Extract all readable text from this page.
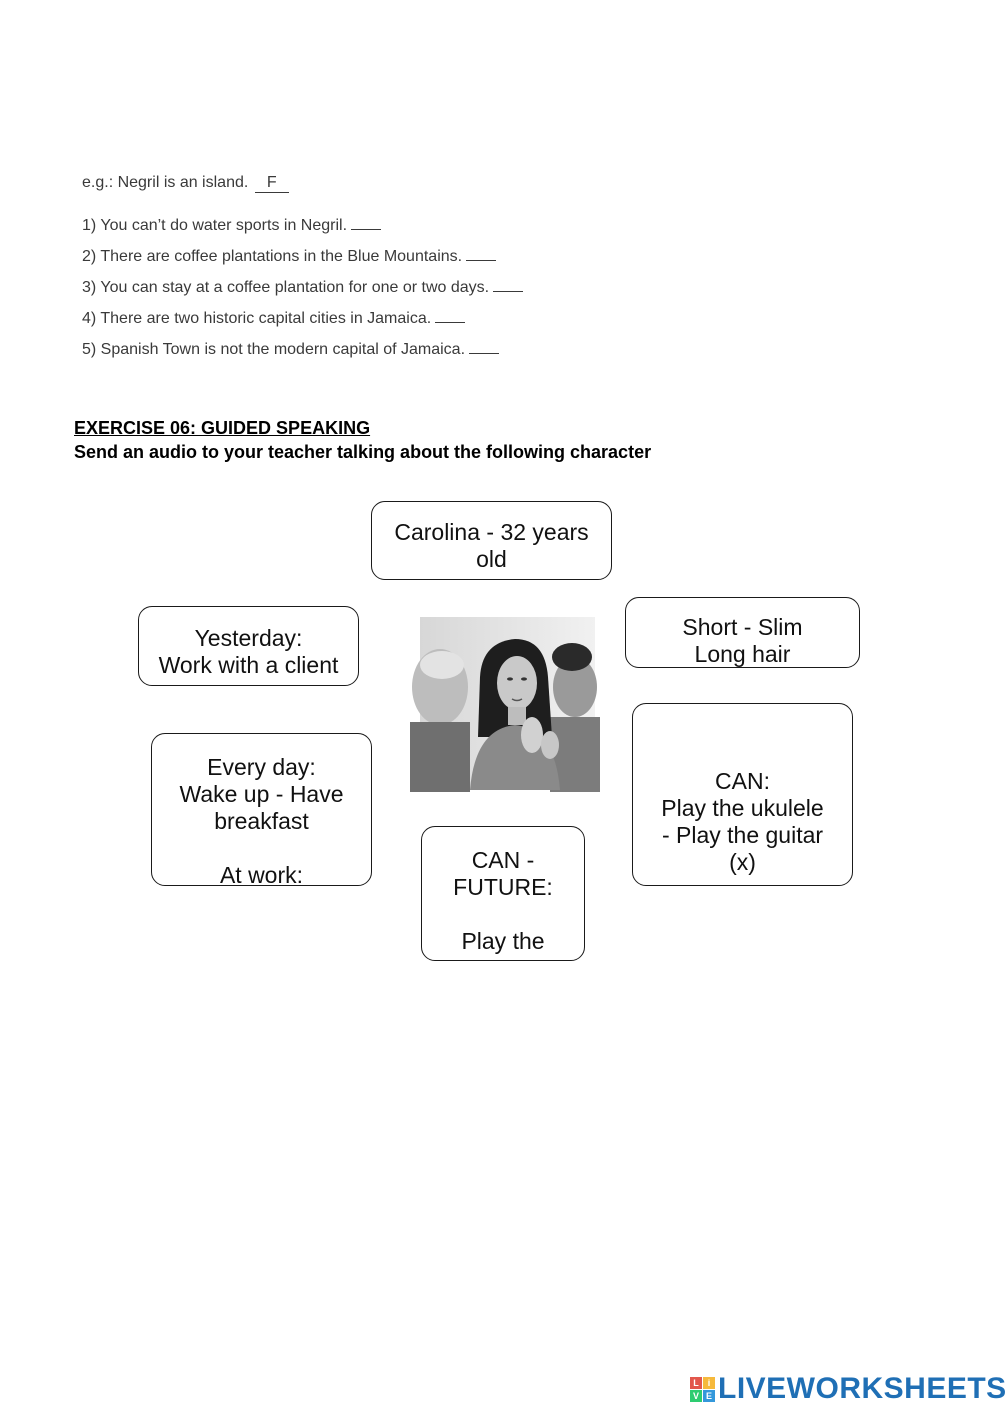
e.g.: Negril is an island. F
1) You can’t do water sports in Negril.
2) There are coffee plantations in the Blue Mountains.
3) You can stay at a coffee plantation for one or two days.
4) There are two historic capital cities in Jamaica.
5) Spanish Town is not the modern capital of Jamaica.
EXERCISE 06: GUIDED SPEAKING
Send an audio to your teacher talking about the following character
Carolina - 32 years
old
Short - Slim
Long hair
Yesterday:
Work with a client
Every day:
Wake up - Have
breakfast
At work:
CAN:
Play the ukulele
- Play the guitar
(x)
CAN -
FUTURE:
Play the
L i
V E LIVEWORKSHEETS
